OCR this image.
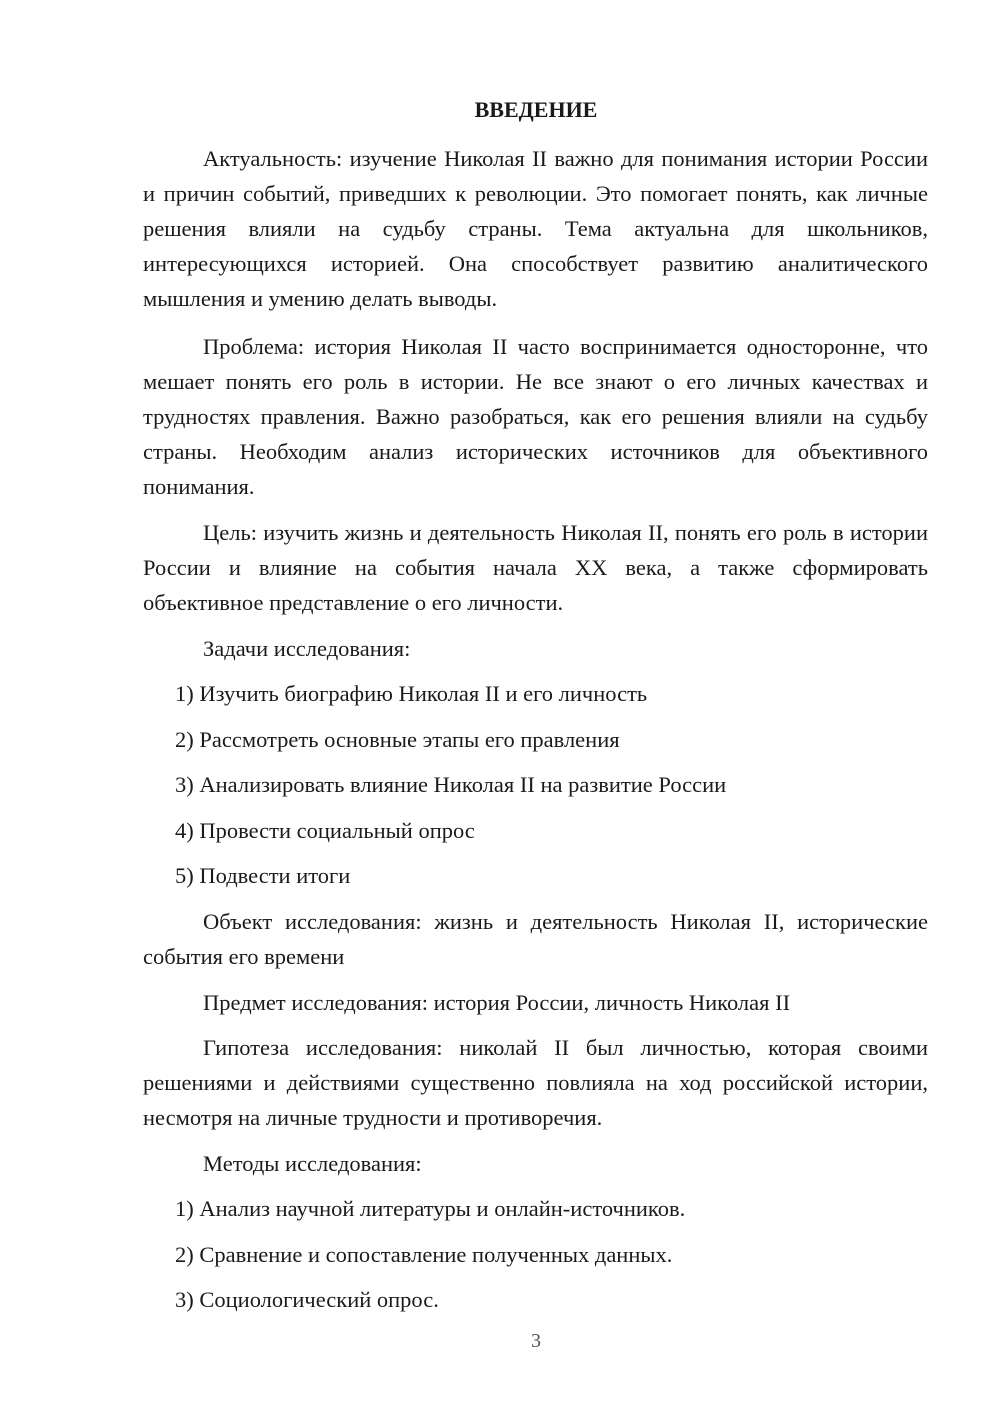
ВВЕДЕНИЕ

Актуальность: изучение Николая II важно для понимания истории России и причин событий, приведших к революции. Это помогает понять, как личные решения влияли на судьбу страны. Тема актуальна для школьников, интересующихся историей. Она способствует развитию аналитического мышления и умению делать выводы.

Проблема: история Николая II часто воспринимается односторонне, что мешает понять его роль в истории. Не все знают о его личных качествах и трудностях правления. Важно разобраться, как его решения влияли на судьбу страны. Необходим анализ исторических источников для объективного понимания.

Цель: изучить жизнь и деятельность Николая II, понять его роль в истории России и влияние на события начала XX века, а также сформировать объективное представление о его личности.

Задачи исследования:
1) Изучить биографию Николая II и его личность
2) Рассмотреть основные этапы его правления
3) Анализировать влияние Николая II на развитие России
4) Провести социальный опрос
5) Подвести итоги

Объект исследования: жизнь и деятельность Николая II, исторические события его времени

Предмет исследования: история России, личность Николая II

Гипотеза исследования: николай II был личностью, которая своими решениями и действиями существенно повлияла на ход российской истории, несмотря на личные трудности и противоречия.

Методы исследования:
1) Анализ научной литературы и онлайн-источников.
2) Сравнение и сопоставление полученных данных.
3) Социологический опрос.
3
